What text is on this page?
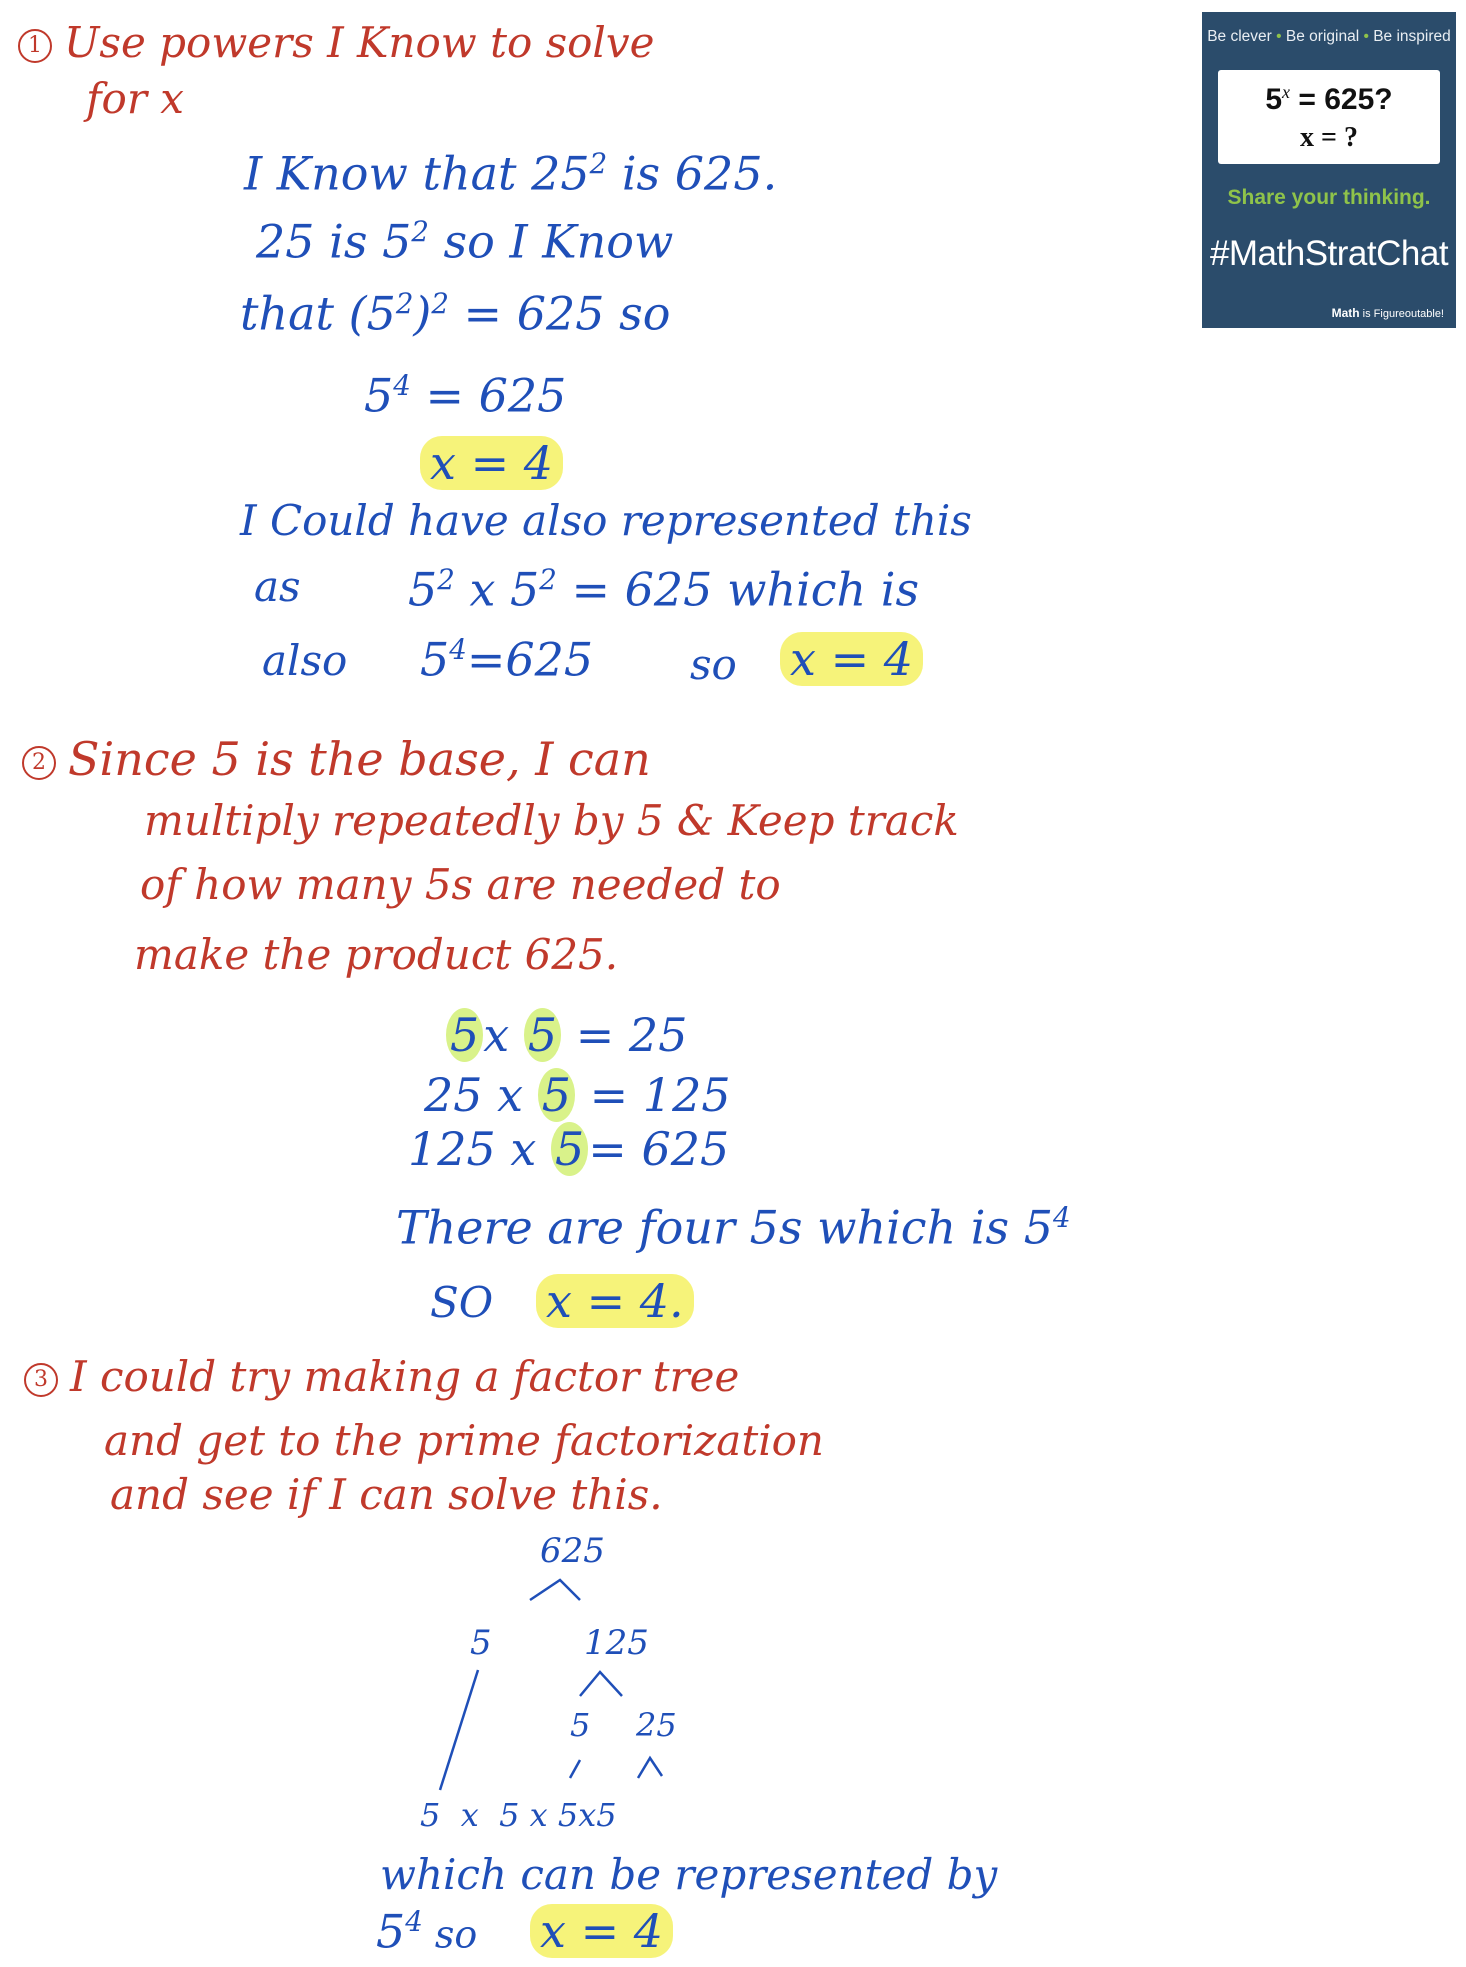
Be clever • Be original • Be inspired
$5^x = 625$?
x = ?
Share your thinking.
#MathStratChat
Math is Figureoutable!
1 Use powers I Know to solve
for x
I Know that $25^2$ is 625.
25 is $5^2$ so I Know
that $(5^2)^2 = 625$ so
$5^4 = 625$
x = 4
I Could have also represented this
as $5^2$ x $5^2 = 625$ which is
also $5^4=625$ so x = 4
2 Since 5 is the base, I can
multiply repeatedly by 5 & Keep track
of how many 5s are needed to
make the product 625.
5x 5 = 25
25 x 5 = 125
125 x 5= 625
There are four 5s which is $5^4$
SO x = 4.
3 I could try making a factor tree
and get to the prime factorization
and see if I can solve this.
625
5	125
5 25
5  x  5 x 5x5
which can be represented by
$5^4$ so x = 4
